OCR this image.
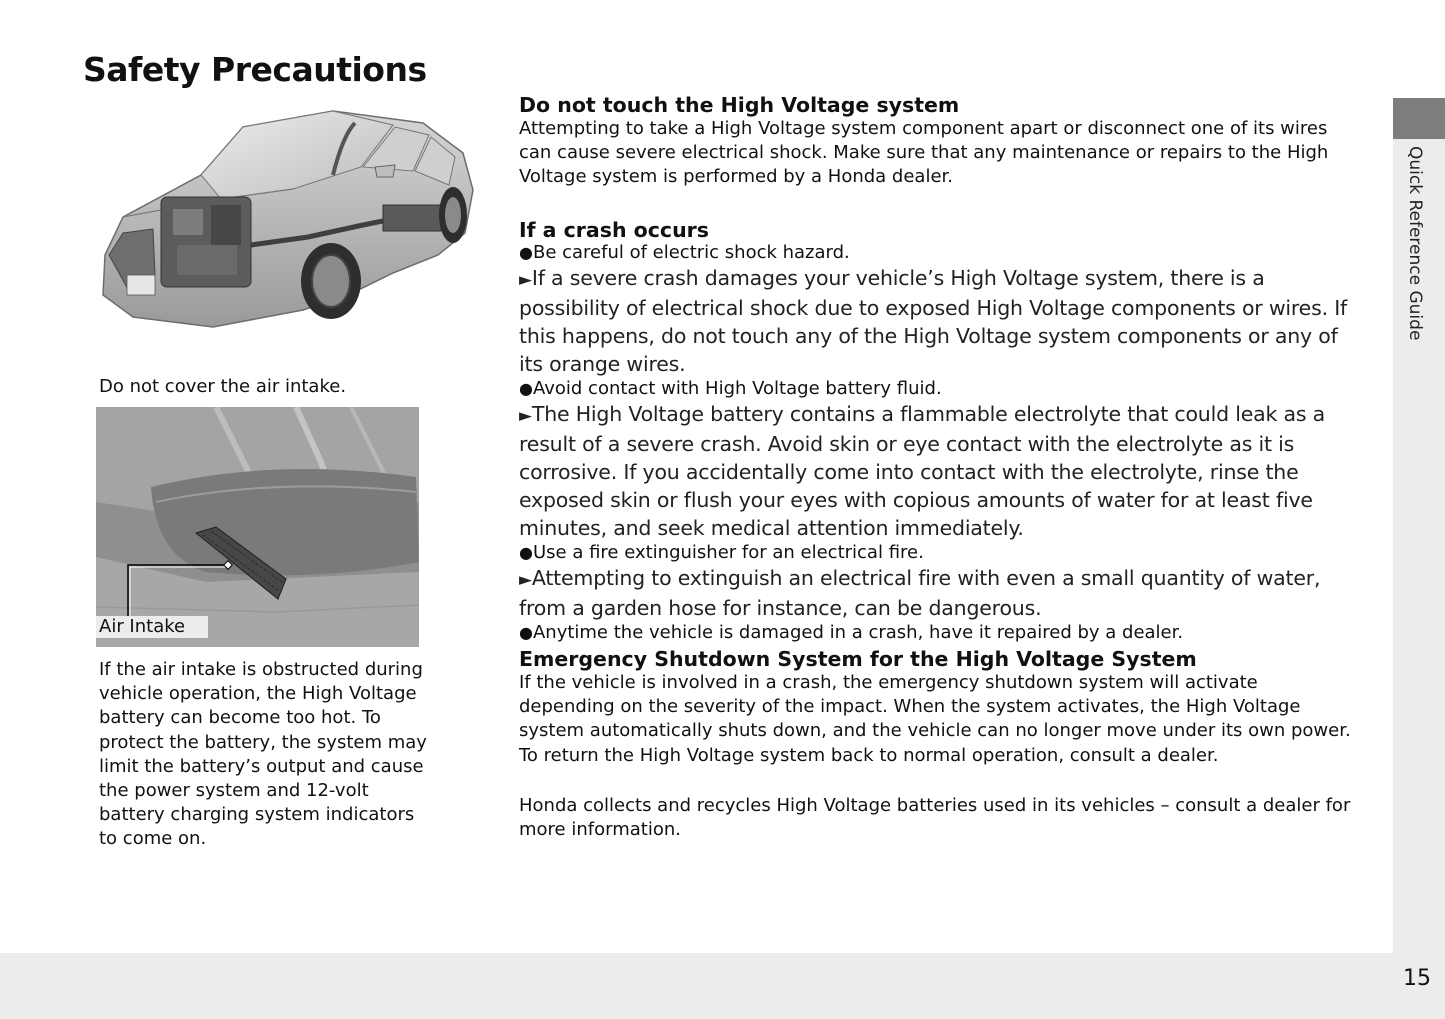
Safety Precautions
Quick Reference Guide
15
Do not cover the air intake.
Air Intake

If the air intake is obstructed during vehicle operation, the High Voltage battery can become too hot. To protect the battery, the system may limit the battery’s output and cause the power system and 12-volt battery charging system indicators to come on.

Do not touch the High Voltage system

Attempting to take a High Voltage system component apart or disconnect one of its wires can cause severe electrical shock. Make sure that any maintenance or repairs to the High Voltage system is performed by a Honda dealer.

If a crash occurs

●Be careful of electric shock hazard.

►If a severe crash damages your vehicle’s High Voltage system, there is a possibility of electrical shock due to exposed High Voltage components or wires. If this happens, do not touch any of the High Voltage system components or any of its orange wires.

●Avoid contact with High Voltage battery fluid.

►The High Voltage battery contains a flammable electrolyte that could leak as a result of a severe crash. Avoid skin or eye contact with the electrolyte as it is corrosive. If you accidentally come into contact with the electrolyte, rinse the exposed skin or flush your eyes with copious amounts of water for at least five minutes, and seek medical attention immediately.

●Use a fire extinguisher for an electrical fire.

►Attempting to extinguish an electrical fire with even a small quantity of water, from a garden hose for instance, can be dangerous.

●Anytime the vehicle is damaged in a crash, have it repaired by a dealer.

Emergency Shutdown System for the High Voltage System

If the vehicle is involved in a crash, the emergency shutdown system will activate depending on the severity of the impact. When the system activates, the High Voltage system automatically shuts down, and the vehicle can no longer move under its own power. To return the High Voltage system back to normal operation, consult a dealer.

Honda collects and recycles High Voltage batteries used in its vehicles – consult a dealer for more information.
